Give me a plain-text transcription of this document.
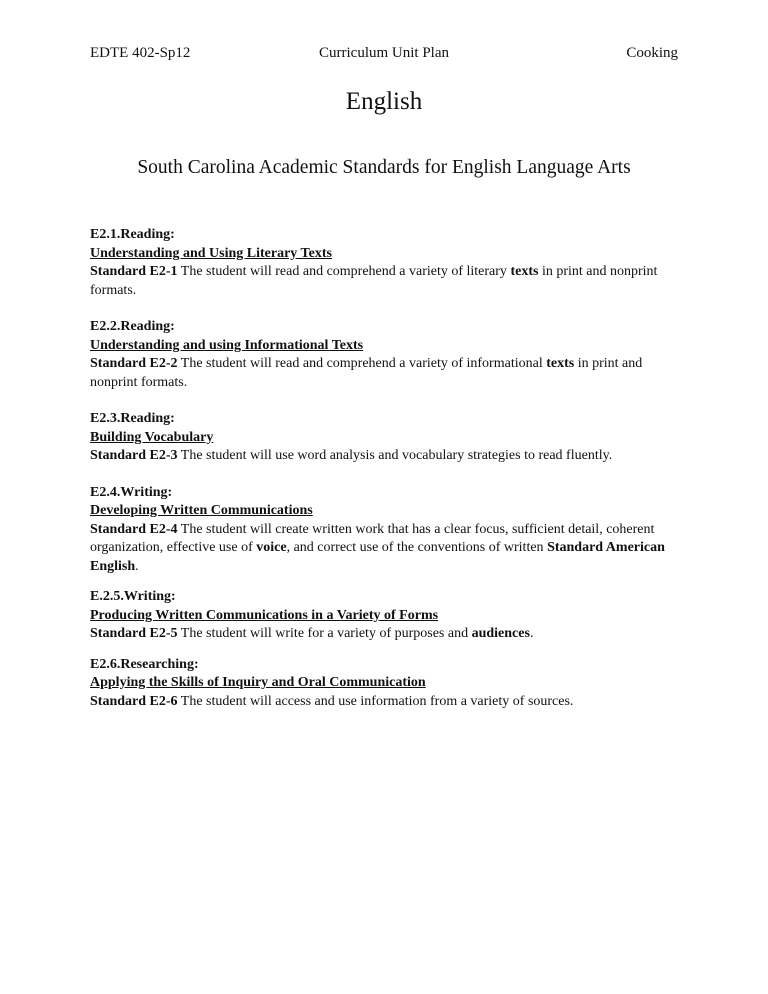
EDTE 402-Sp12	Curriculum Unit Plan	Cooking
English
South Carolina Academic Standards for English Language Arts
E2.1.Reading:
Understanding and Using Literary Texts
Standard E2-1 The student will read and comprehend a variety of literary texts in print and nonprint formats.
E2.2.Reading:
Understanding and using Informational Texts
Standard E2-2 The student will read and comprehend a variety of informational texts in print and nonprint formats.
E2.3.Reading:
Building Vocabulary
Standard E2-3 The student will use word analysis and vocabulary strategies to read fluently.
E2.4.Writing:
Developing Written Communications
Standard E2-4 The student will create written work that has a clear focus, sufficient detail, coherent organization, effective use of voice, and correct use of the conventions of written Standard American English.
E.2.5.Writing:
Producing Written Communications in a Variety of Forms
Standard E2-5 The student will write for a variety of purposes and audiences.
E2.6.Researching:
Applying the Skills of Inquiry and Oral Communication
Standard E2-6 The student will access and use information from a variety of sources.
